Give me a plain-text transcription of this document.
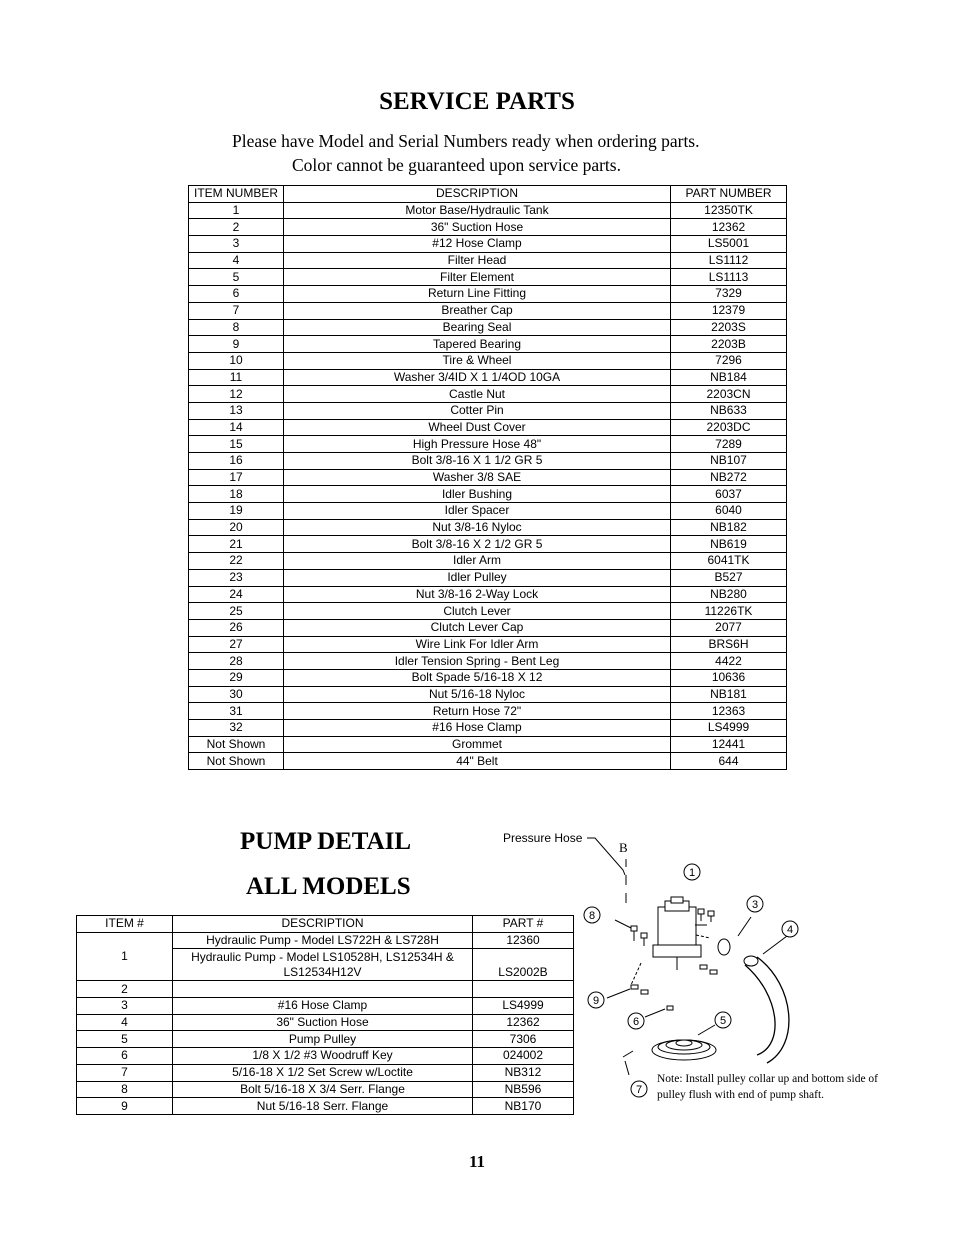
SERVICE PARTS
Please have Model and Serial Numbers ready when ordering parts.
Color cannot be guaranteed upon service parts.
ITEM NUMBER	DESCRIPTION	PART NUMBER
1	Motor Base/Hydraulic Tank	12350TK
2	36" Suction Hose	12362
3	#12 Hose Clamp	LS5001
4	Filter Head	LS1112
5	Filter Element	LS1113
6	Return Line Fitting	7329
7	Breather Cap	12379
8	Bearing Seal	2203S
9	Tapered Bearing	2203B
10	Tire & Wheel	7296
11	Washer 3/4ID X 1 1/4OD 10GA	NB184
12	Castle Nut	2203CN
13	Cotter Pin	NB633
14	Wheel Dust Cover	2203DC
15	High Pressure Hose 48"	7289
16	Bolt 3/8-16 X 1 1/2 GR 5	NB107
17	Washer 3/8 SAE	NB272
18	Idler Bushing	6037
19	Idler Spacer	6040
20	Nut 3/8-16 Nyloc	NB182
21	Bolt 3/8-16 X 2 1/2 GR 5	NB619
22	Idler Arm	6041TK
23	Idler Pulley	B527
24	Nut 3/8-16 2-Way Lock	NB280
25	Clutch Lever	11226TK
26	Clutch Lever Cap	2077
27	Wire Link For Idler Arm	BRS6H
28	Idler Tension Spring - Bent Leg	4422
29	Bolt Spade 5/16-18 X 12	10636
30	Nut 5/16-18 Nyloc	NB181
31	Return Hose 72"	12363
32	#16 Hose Clamp	LS4999
Not Shown	Grommet	12441
Not Shown	44" Belt	644
PUMP DETAIL
ALL MODELS
ITEM #	DESCRIPTION	PART #
1	Hydraulic Pump - Model LS722H & LS728H	12360
	Hydraulic Pump - Model LS10528H, LS12534H & LS12534H12V	LS2002B
2		
3	#16 Hose Clamp	LS4999
4	36" Suction Hose	12362
5	Pump Pulley	7306
6	1/8 X 1/2 #3 Woodruff Key	024002
7	5/16-18 X 1/2 Set Screw w/Loctite	NB312
8	Bolt 5/16-18 X 3/4 Serr. Flange	NB596
9	Nut 5/16-18 Serr. Flange	NB170
Pressure Hose
B
1
3
4
8
9
6	5
7
Note: Install pulley collar up and bottom side of pulley flush with end of pump shaft.
11
